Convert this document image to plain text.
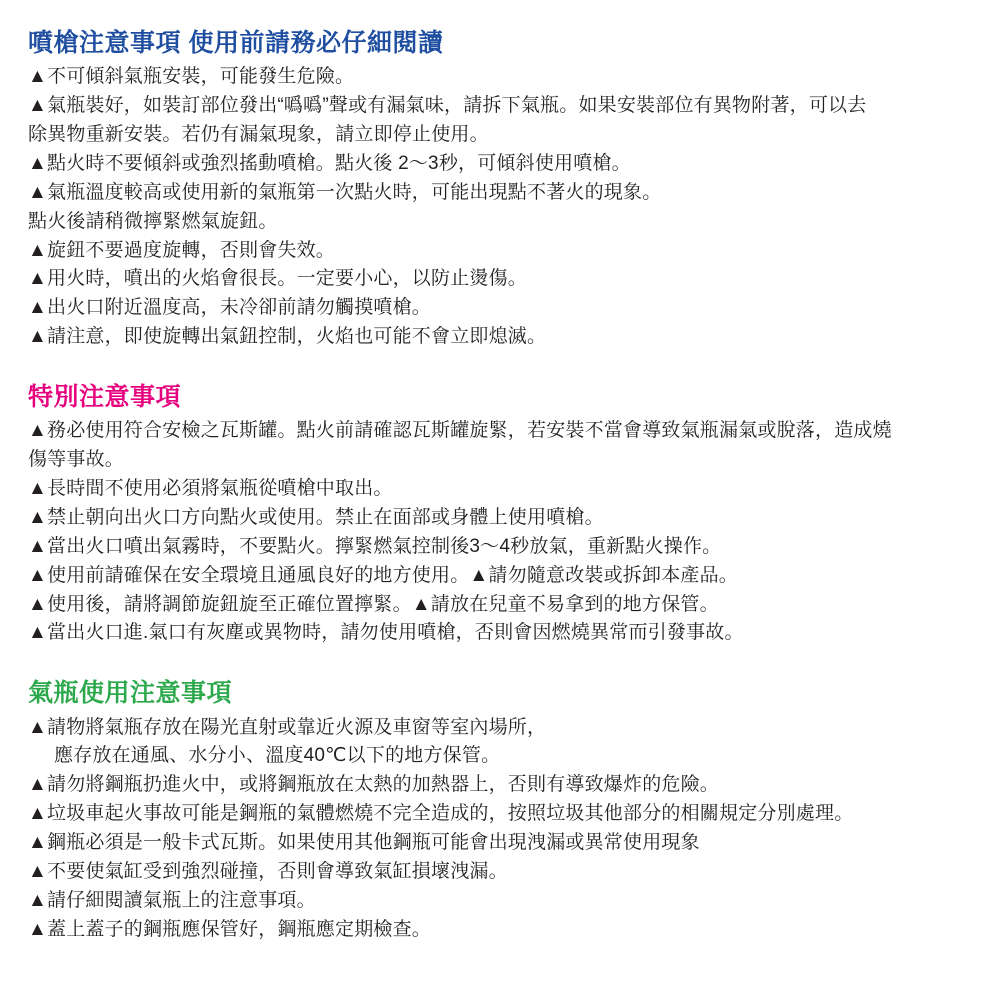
噴槍注意事項 使用前請務必仔細閱讀

▲不可傾斜氣瓶安裝，可能發生危險。

▲氣瓶裝好，如裝訂部位發出“噅噅”聲或有漏氣味，請拆下氣瓶。如果安裝部位有異物附著，可以去

除異物重新安裝。若仍有漏氣現象，請立即停止使用。

▲點火時不要傾斜或強烈搖動噴槍。點火後 2～3秒，可傾斜使用噴槍。

▲氣瓶溫度較高或使用新的氣瓶第一次點火時，可能出現點不著火的現象。

點火後請稍微擰緊燃氣旋鈕。

▲旋鈕不要過度旋轉，否則會失效。

▲用火時，噴出的火焰會很長。一定要小心，以防止燙傷。

▲出火口附近溫度高，未冷卻前請勿觸摸噴槍。

▲請注意，即使旋轉出氣鈕控制，火焰也可能不會立即熄滅。

特別注意事項

▲務必使用符合安檢之瓦斯罐。點火前請確認瓦斯罐旋緊，若安裝不當會導致氣瓶漏氣或脫落，造成燒

傷等事故。

▲長時間不使用必須將氣瓶從噴槍中取出。

▲禁止朝向出火口方向點火或使用。禁止在面部或身體上使用噴槍。

▲當出火口噴出氣霧時，不要點火。擰緊燃氣控制後3～4秒放氣，重新點火操作。

▲使用前請確保在安全環境且通風良好的地方使用。▲請勿隨意改裝或拆卸本產品。

▲使用後，請將調節旋鈕旋至正確位置擰緊。▲請放在兒童不易拿到的地方保管。

▲當出火口進.氣口有灰塵或異物時，請勿使用噴槍，否則會因燃燒異常而引發事故。

氣瓶使用注意事項

▲請物將氣瓶存放在陽光直射或靠近火源及車窗等室內場所，

應存放在通風、水分小、溫度40℃以下的地方保管。

▲請勿將鋼瓶扔進火中，或將鋼瓶放在太熱的加熱器上，否則有導致爆炸的危險。

▲垃圾車起火事故可能是鋼瓶的氣體燃燒不完全造成的，按照垃圾其他部分的相關規定分別處理。

▲鋼瓶必須是一般卡式瓦斯。如果使用其他鋼瓶可能會出現洩漏或異常使用現象

▲不要使氣缸受到強烈碰撞，否則會導致氣缸損壞洩漏。

▲請仔細閱讀氣瓶上的注意事項。

▲蓋上蓋子的鋼瓶應保管好，鋼瓶應定期檢查。
